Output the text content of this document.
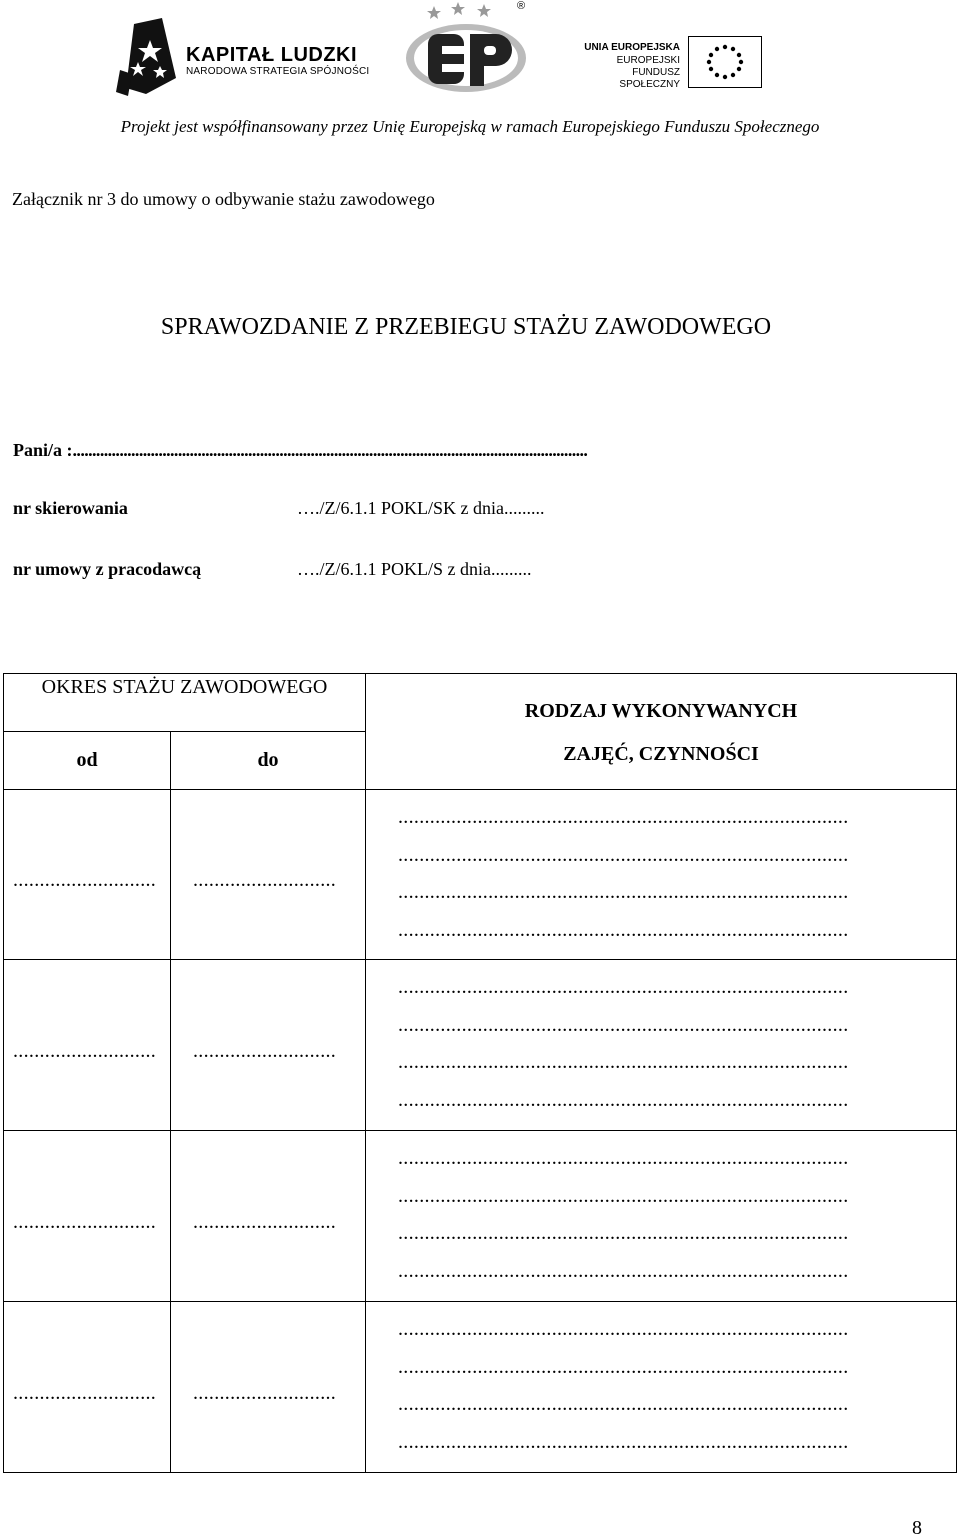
KAPITAŁ LUDZKI
NARODOWA STRATEGIA SPÓJNOŚCI
®
UNIA EUROPEJSKA
EUROPEJSKI
FUNDUSZ SPOŁECZNY
Projekt jest współfinansowany przez Unię Europejską w ramach Europejskiego Funduszu Społecznego
Załącznik nr 3 do umowy o odbywanie stażu zawodowego
SPRAWOZDANIE Z PRZEBIEGU STAŻU ZAWODOWEGO
Pani/a :....................................................................................................................................
nr skierowania	…./Z/6.1.1 POKL/SK z dnia.........
nr umowy z pracodawcą	…./Z/6.1.1 POKL/S z dnia.........
OKRES STAŻU ZAWODOWEGO		RODZAJ WYKONYWANYCH
ZAJĘĆ, CZYNNOŚCI

od	do	
...........................	...........................	.....................................................................................
.....................................................................................
.....................................................................................
.....................................................................................

...........................	...........................	.....................................................................................
.....................................................................................
.....................................................................................
.....................................................................................

...........................	...........................	.....................................................................................
.....................................................................................
.....................................................................................
.....................................................................................

...........................	...........................	.....................................................................................
.....................................................................................
.....................................................................................
.....................................................................................
8
